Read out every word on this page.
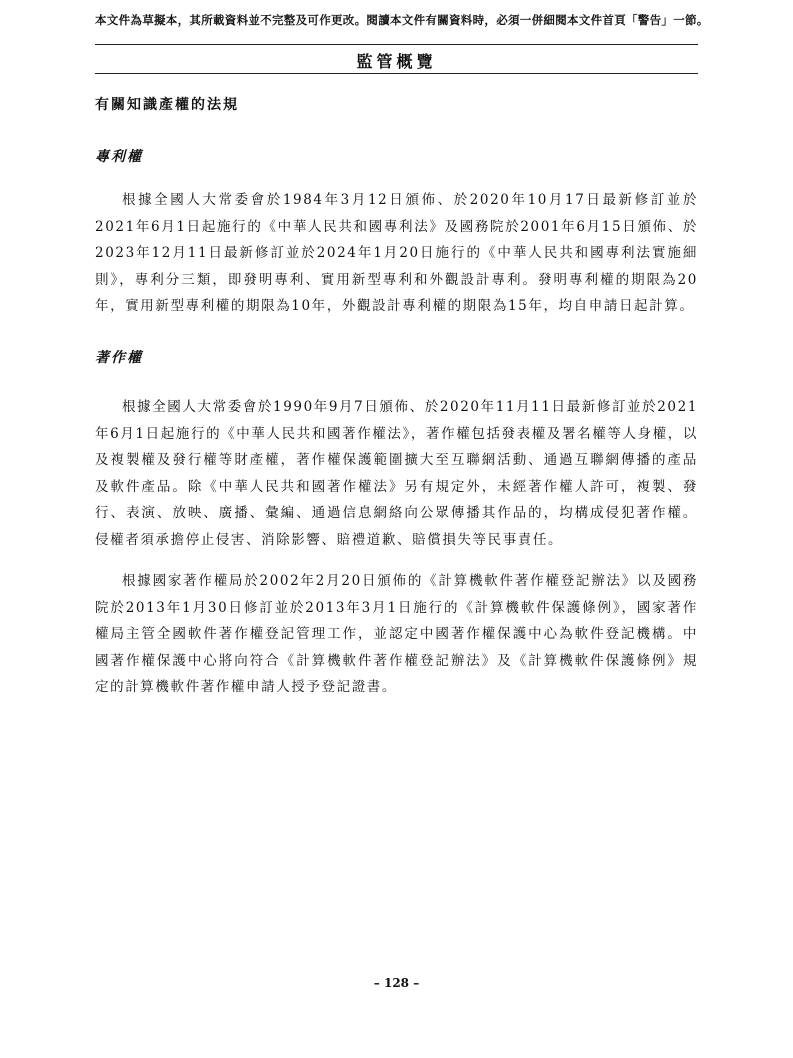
本文件為草擬本，其所載資料並不完整及可作更改。閱讀本文件有關資料時，必須一併細閱本文件首頁「警告」一節。
監管概覽
有關知識產權的法規
專利權

根據全國人大常委會於1984年3月12日頒佈、於2020年10月17日最新修訂並於2021年6月1日起施行的《中華人民共和國專利法》及國務院於2001年6月15日頒佈、於2023年12月11日最新修訂並於2024年1月20日施行的《中華人民共和國專利法實施細則》，專利分三類，即發明專利、實用新型專利和外觀設計專利。發明專利權的期限為20年，實用新型專利權的期限為10年，外觀設計專利權的期限為15年，均自申請日起計算。

著作權

根據全國人大常委會於1990年9月7日頒佈、於2020年11月11日最新修訂並於2021年6月1日起施行的《中華人民共和國著作權法》，著作權包括發表權及署名權等人身權，以及複製權及發行權等財產權，著作權保護範圍擴大至互聯網活動、通過互聯網傳播的產品及軟件產品。除《中華人民共和國著作權法》另有規定外，未經著作權人許可，複製、發行、表演、放映、廣播、彙編、通過信息網絡向公眾傳播其作品的，均構成侵犯著作權。侵權者須承擔停止侵害、消除影響、賠禮道歉、賠償損失等民事責任。

根據國家著作權局於2002年2月20日頒佈的《計算機軟件著作權登記辦法》以及國務院於2013年1月30日修訂並於2013年3月1日施行的《計算機軟件保護條例》，國家著作權局主管全國軟件著作權登記管理工作，並認定中國著作權保護中心為軟件登記機構。中國著作權保護中心將向符合《計算機軟件著作權登記辦法》及《計算機軟件保護條例》規定的計算機軟件著作權申請人授予登記證書。

– 128 –
